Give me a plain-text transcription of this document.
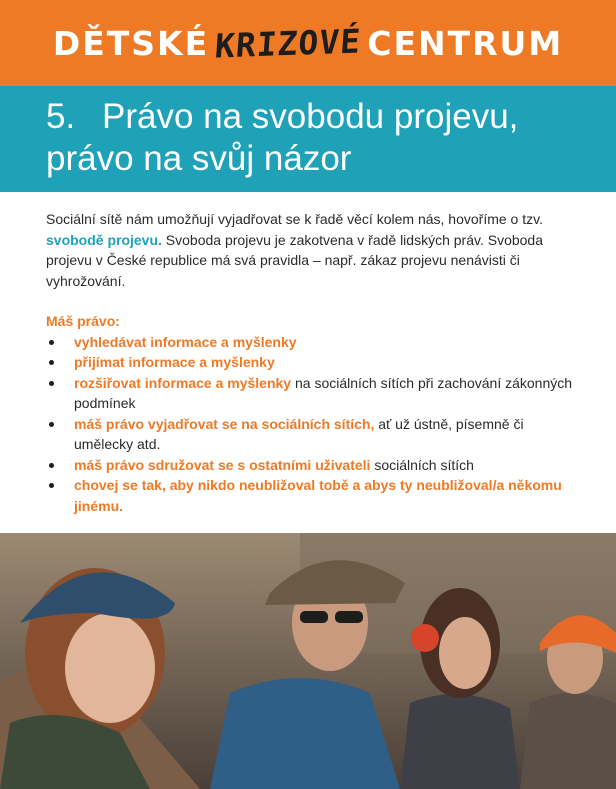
DĚTSKÉ KRIZOVÉ CENTRUM
5. Právo na svobodu projevu,
právo na svůj názor

Sociální sítě nám umožňují vyjadřovat se k řadě věcí kolem nás, hovoříme o tzv. svobodě projevu. Svoboda projevu je zakotvena v řadě lidských práv. Svoboda projevu v České republice má svá pravidla – např. zákaz projevu nenávisti či vyhrožování.

Máš právo:
vyhledávat informace a myšlenky
přijímat informace a myšlenky
rozšiřovat informace a myšlenky na sociálních sítích při zachování zákonných podmínek
máš právo vyjadřovat se na sociálních sítích, ať už ústně, písemně či umělecky atd.
máš právo sdružovat se s ostatními uživateli sociálních sítích
chovej se tak, aby nikdo neubližoval tobě a abys ty neubližoval/a někomu jinému.
